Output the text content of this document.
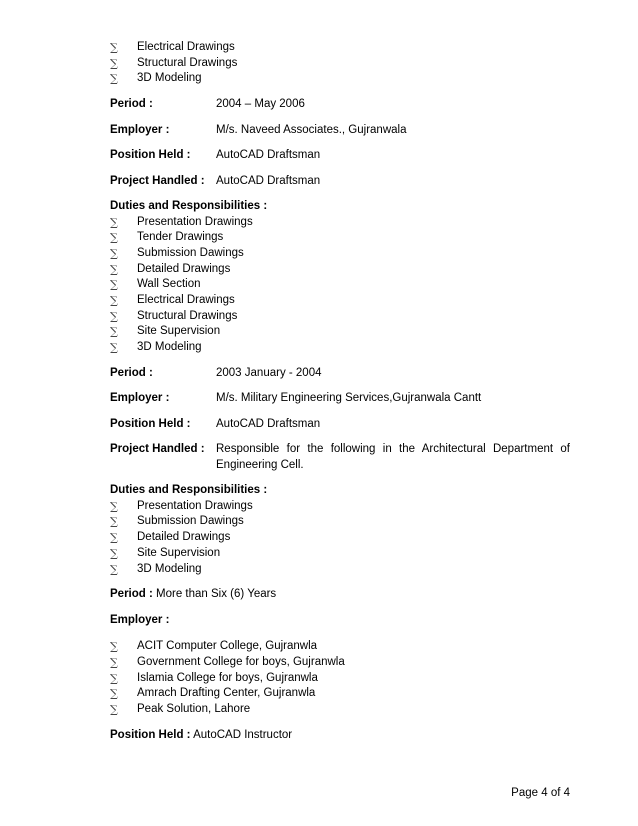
∑	Electrical Drawings
∑	Structural Drawings
∑	3D Modeling
Period :	2004 – May 2006
Employer :	M/s. Naveed Associates., Gujranwala
Position Held :	AutoCAD Draftsman
Project Handled : AutoCAD Draftsman
Duties and Responsibilities :
∑	Presentation Drawings
∑	Tender Drawings
∑	Submission Dawings
∑	Detailed Drawings
∑	Wall Section
∑	Electrical Drawings
∑	Structural Drawings
∑	Site Supervision
∑	3D Modeling
Period :	2003 January - 2004
Employer :	M/s. Military Engineering Services,Gujranwala Cantt
Position Held :	AutoCAD Draftsman
Project Handled : Responsible for the following in the Architectural Department of Engineering Cell.
Duties and Responsibilities :
∑	Presentation Drawings
∑	Submission Dawings
∑	Detailed Drawings
∑	Site Supervision
∑	3D Modeling
Period : More than Six (6) Years
Employer :
∑	ACIT Computer College, Gujranwla
∑	Government College for boys, Gujranwla
∑	Islamia College for boys, Gujranwla
∑	Amrach Drafting Center, Gujranwla
∑	Peak Solution, Lahore
Position Held : AutoCAD Instructor
Page 4 of 4
